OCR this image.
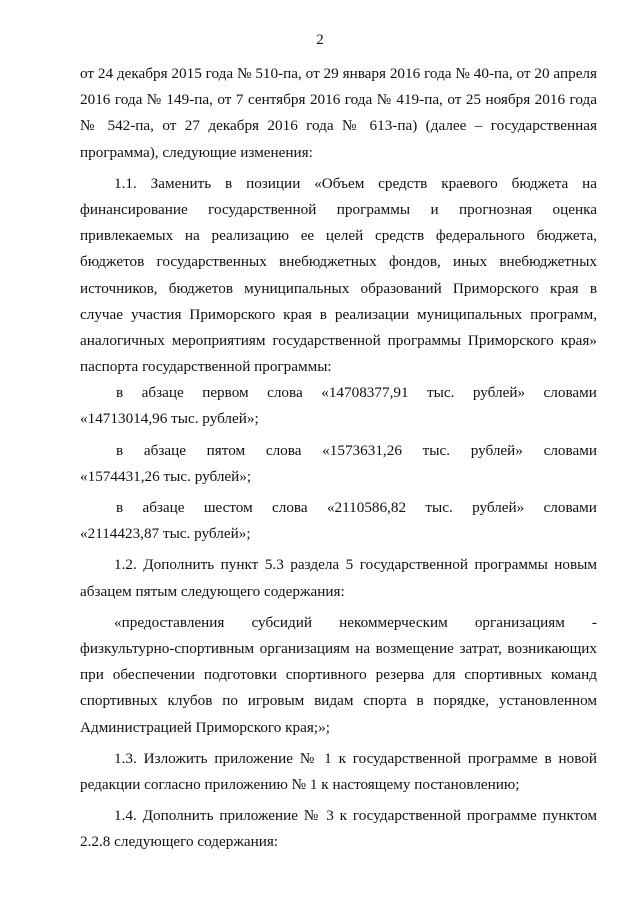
2
от 24 декабря 2015 года № 510-па, от 29 января 2016 года № 40-па, от 20 апреля
2016 года № 149-па, от 7 сентября 2016 года № 419-па, от 25 ноября 2016 года
№ 542-па, от 27 декабря 2016 года № 613-па) (далее – государственная
программа), следующие изменения:
1.1. Заменить в позиции «Объем средств краевого бюджета на
финансирование государственной программы и прогнозная оценка
привлекаемых на реализацию ее целей средств федерального бюджета,
бюджетов государственных внебюджетных фондов, иных внебюджетных
источников, бюджетов муниципальных образований Приморского края в
случае участия Приморского края в реализации муниципальных программ,
аналогичных мероприятиям государственной программы Приморского края»
паспорта государственной программы:
в абзаце первом слова «14708377,91 тыс. рублей» словами
«14713014,96 тыс. рублей»;
в абзаце пятом слова «1573631,26 тыс. рублей» словами
«1574431,26 тыс. рублей»;
в абзаце шестом слова «2110586,82 тыс. рублей» словами
«2114423,87 тыс. рублей»;
1.2. Дополнить пункт 5.3 раздела 5 государственной программы новым
абзацем пятым следующего содержания:
«предоставления субсидий некоммерческим организациям -
физкультурно-спортивным организациям на возмещение затрат, возникающих
при обеспечении подготовки спортивного резерва для спортивных команд
спортивных клубов по игровым видам спорта в порядке, установленном
Администрацией Приморского края;»;
1.3. Изложить приложение № 1 к государственной программе в новой
редакции согласно приложению № 1 к настоящему постановлению;
1.4. Дополнить приложение № 3 к государственной программе пунктом
2.2.8 следующего содержания:
